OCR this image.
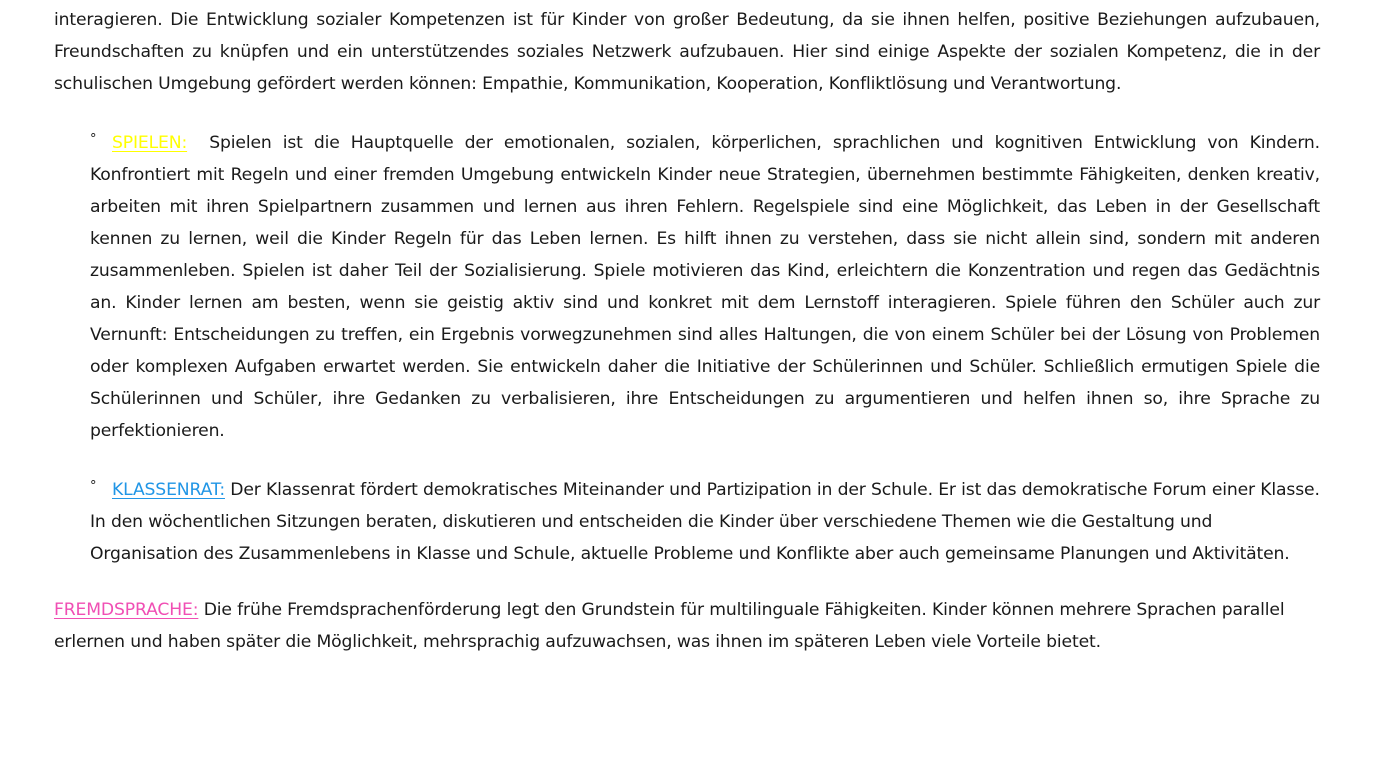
interagieren. Die Entwicklung sozialer Kompetenzen ist für Kinder von großer Bedeutung, da sie ihnen helfen, positive Beziehungen aufzubauen, Freundschaften zu knüpfen und ein unterstützendes soziales Netzwerk aufzubauen. Hier sind einige Aspekte der sozialen Kompetenz, die in der schulischen Umgebung gefördert werden können: Empathie, Kommunikation, Kooperation, Konfliktlösung und Verantwortung.

° SPIELEN: Spielen ist die Hauptquelle der emotionalen, sozialen, körperlichen, sprachlichen und kognitiven Entwicklung von Kindern. Konfrontiert mit Regeln und einer fremden Umgebung entwickeln Kinder neue Strategien, übernehmen bestimmte Fähigkeiten, denken kreativ, arbeiten mit ihren Spielpartnern zusammen und lernen aus ihren Fehlern. Regelspiele sind eine Möglichkeit, das Leben in der Gesellschaft kennen zu lernen, weil die Kinder Regeln für das Leben lernen. Es hilft ihnen zu verstehen, dass sie nicht allein sind, sondern mit anderen zusammenleben. Spielen ist daher Teil der Sozialisierung. Spiele motivieren das Kind, erleichtern die Konzentration und regen das Gedächtnis an. Kinder lernen am besten, wenn sie geistig aktiv sind und konkret mit dem Lernstoff interagieren. Spiele führen den Schüler auch zur Vernunft: Entscheidungen zu treffen, ein Ergebnis vorwegzunehmen sind alles Haltungen, die von einem Schüler bei der Lösung von Problemen oder komplexen Aufgaben erwartet werden. Sie entwickeln daher die Initiative der Schülerinnen und Schüler. Schließlich ermutigen Spiele die Schülerinnen und Schüler, ihre Gedanken zu verbalisieren, ihre Entscheidungen zu argumentieren und helfen ihnen so, ihre Sprache zu perfektionieren.

° KLASSENRAT: Der Klassenrat fördert demokratisches Miteinander und Partizipation in der Schule. Er ist das demokratische Forum einer Klasse. In den wöchentlichen Sitzungen beraten, diskutieren und entscheiden die Kinder über verschiedene Themen wie die Gestaltung und Organisation des Zusammenlebens in Klasse und Schule, aktuelle Probleme und Konflikte aber auch gemeinsame Planungen und Aktivitäten.

FREMDSPRACHE: Die frühe Fremdsprachenförderung legt den Grundstein für multilinguale Fähigkeiten. Kinder können mehrere Sprachen parallel erlernen und haben später die Möglichkeit, mehrsprachig aufzuwachsen, was ihnen im späteren Leben viele Vorteile bietet.
